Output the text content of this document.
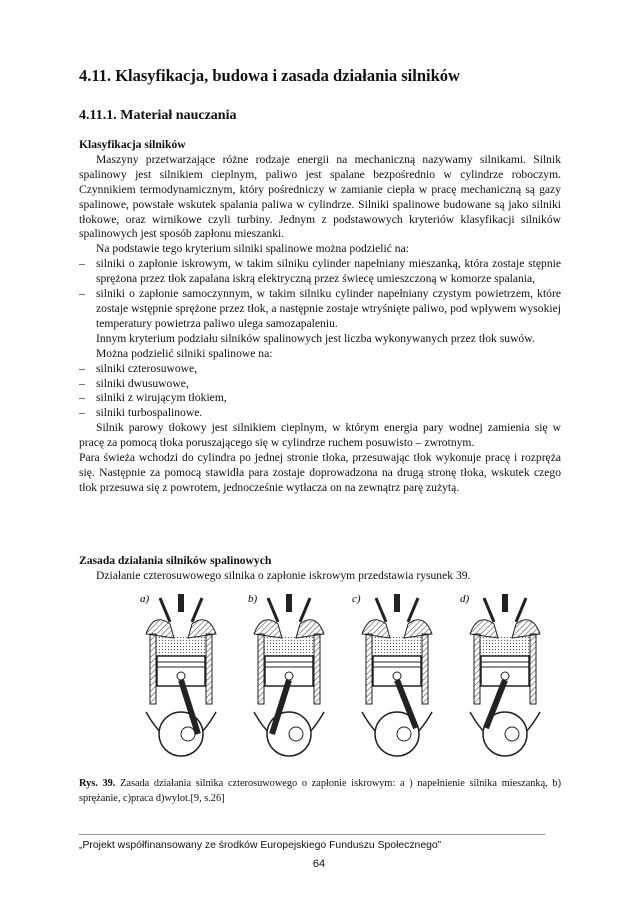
4.11. Klasyfikacja, budowa i zasada działania silników
4.11.1. Materiał nauczania

Klasyfikacja silników

Maszyny przetwarzające różne rodzaje energii na mechaniczną nazywamy silnikami. Silnik spalinowy jest silnikiem cieplnym, paliwo jest spalane bezpośrednio w cylindrze roboczym. Czynnikiem termodynamicznym, który pośredniczy w zamianie ciepła w pracę mechaniczną są gazy spalinowe, powstałe wskutek spalania paliwa w cylindrze. Silniki spalinowe budowane są jako silniki tłokowe, oraz wirnikowe czyli turbiny. Jednym z podstawowych kryteriów klasyfikacji silników spalinowych jest sposób zapłonu mieszanki.

Na podstawie tego kryterium silniki spalinowe można podzielić na:

– silniki o zapłonie iskrowym, w takim silniku cylinder napełniany mieszanką, która zostaje stępnie sprężona przez tłok zapalana iskrą elektryczną przez świecę umieszczoną w komorze spalania,
– silniki o zapłonie samoczynnym, w takim silniku cylinder napełniany czystym powietrzem, które zostaje wstępnie sprężone przez tłok, a następnie zostaje wtryśnięte paliwo, pod wpływem wysokiej temperatury powietrza paliwo ulega samozapaleniu.

Innym kryterium podziału silników spalinowych jest liczba wykonywanych przez tłok suwów.

Można podzielić silniki spalinowe na:

– silniki czterosuwowe,
– silniki dwusuwowe,
– silniki z wirującym tłokiem,
– silniki turbospalinowe.

Silnik parowy tłokowy jest silnikiem cieplnym, w którym energia pary wodnej zamienia się w pracę za pomocą tłoka poruszającego się w cylindrze ruchem posuwisto – zwrotnym.

Para świeża wchodzi do cylindra po jednej stronie tłoka, przesuwając tłok wykonuje pracę i rozpręża się. Następnie za pomocą stawidła para zostaje doprowadzona na drugą stronę tłoka, wskutek czego tłok przesuwa się z powrotem, jednocześnie wytłacza on na zewnątrz parę zużytą.

Zasada działania silników spalinowych

Działanie czterosuwowego silnika o zapłonie iskrowym przedstawia rysunek 39.

a)	b)	c)	d)
Rys. 39. Zasada działania silnika czterosuwowego o zapłonie iskrowym: a ) napełnienie silnika mieszanką, b) sprężanie, c)praca d)wylot.[9, s.26]
„Projekt współfinansowany ze środków Europejskiego Funduszu Społecznego”
64
